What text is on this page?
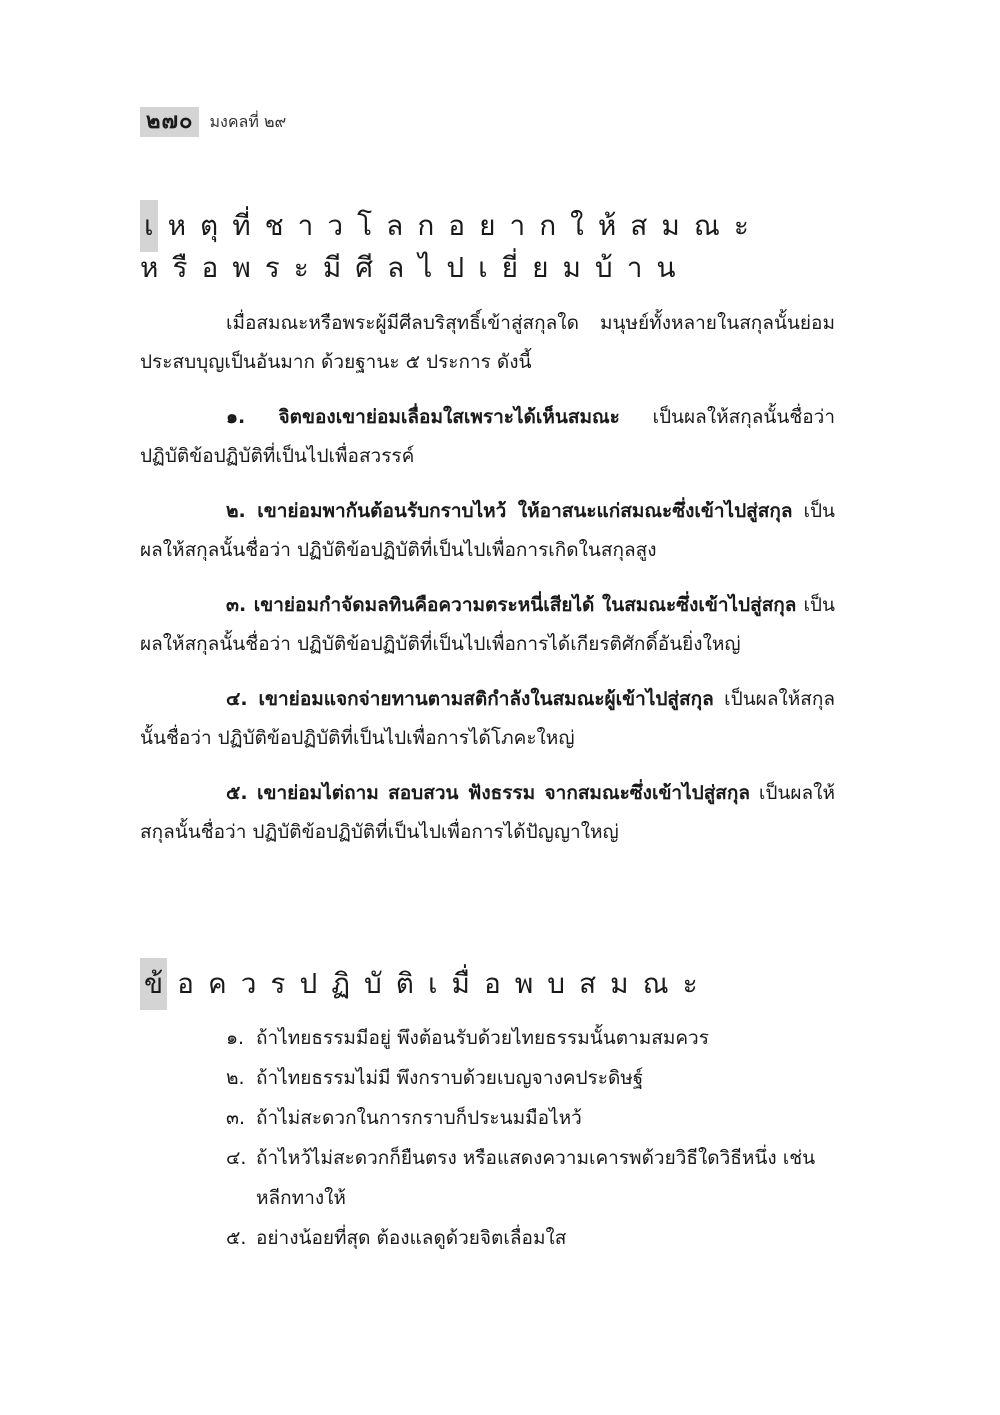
๒๗๐	มงคลที่ ๒๙
เ หตุที่ชาวโลกอยากให้สมณะ
หรือพระมีศีลไปเยี่ยมบ้าน

เมื่อสมณะหรือพระผู้มีศีลบริสุทธิ์เข้าสู่สกุลใด มนุษย์ทั้งหลายในสกุลนั้นย่อมประสบบุญเป็นอันมาก ด้วยฐานะ ๕ ประการ ดังนี้

๑. จิตของเขาย่อมเลื่อมใสเพราะได้เห็นสมณะ เป็นผลให้สกุลนั้นชื่อว่า ปฏิบัติข้อปฏิบัติที่เป็นไปเพื่อสวรรค์

๒. เขาย่อมพากันต้อนรับกราบไหว้ ให้อาสนะแก่สมณะซึ่งเข้าไปสู่สกุล เป็นผลให้สกุลนั้นชื่อว่า ปฏิบัติข้อปฏิบัติที่เป็นไปเพื่อการเกิดในสกุลสูง

๓. เขาย่อมกำจัดมลทินคือความตระหนี่เสียได้ ในสมณะซึ่งเข้าไปสู่สกุล เป็นผลให้สกุลนั้นชื่อว่า ปฏิบัติข้อปฏิบัติที่เป็นไปเพื่อการได้เกียรติศักดิ์อันยิ่งใหญ่

๔. เขาย่อมแจกจ่ายทานตามสติกำลังในสมณะผู้เข้าไปสู่สกุล เป็นผลให้สกุลนั้นชื่อว่า ปฏิบัติข้อปฏิบัติที่เป็นไปเพื่อการได้โภคะใหญ่

๕. เขาย่อมไต่ถาม สอบสวน ฟังธรรม จากสมณะซึ่งเข้าไปสู่สกุล เป็นผลให้สกุลนั้นชื่อว่า ปฏิบัติข้อปฏิบัติที่เป็นไปเพื่อการได้ปัญญาใหญ่

ข้ อควรปฏิบัติเมื่อพบสมณะ
๑. ถ้าไทยธรรมมีอยู่ พึงต้อนรับด้วยไทยธรรมนั้นตามสมควร
๒. ถ้าไทยธรรมไม่มี พึงกราบด้วยเบญจางคประดิษฐ์
๓. ถ้าไม่สะดวกในการกราบก็ประนมมือไหว้
๔. ถ้าไหว้ไม่สะดวกก็ยืนตรง หรือแสดงความเคารพด้วยวิธีใดวิธีหนึ่ง เช่น หลีกทางให้
๕. อย่างน้อยที่สุด ต้องแลดูด้วยจิตเลื่อมใส
